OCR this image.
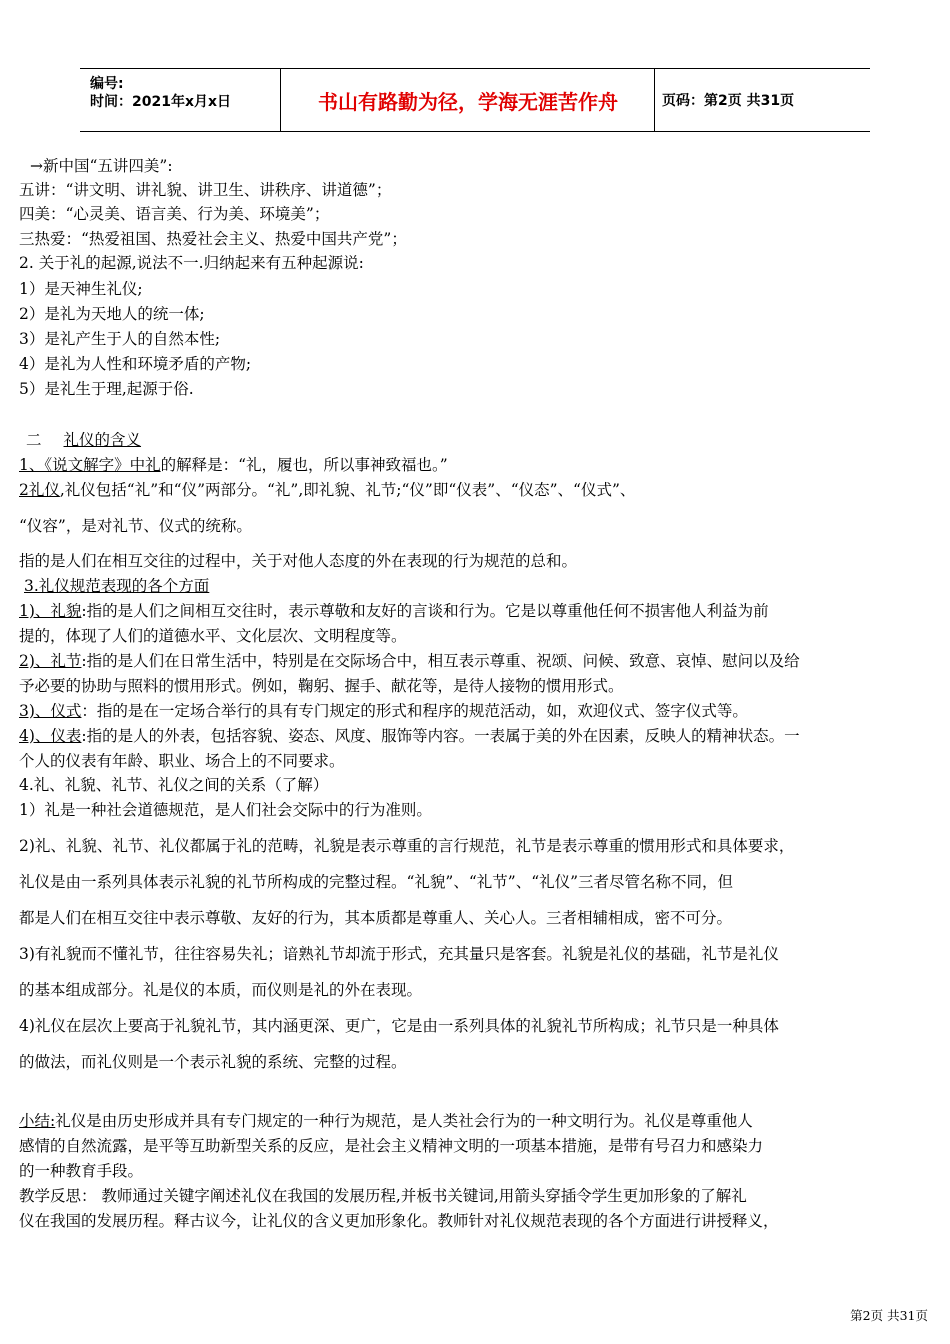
编号:
时间：2021年x月x日	书山有路勤为径，学海无涯苦作舟	页码：第2页 共31页
→新中国“五讲四美”:
五讲：“讲文明、讲礼貌、讲卫生、讲秩序、讲道德”；
四美：“心灵美、语言美、行为美、环境美”；
三热爱：“热爱祖国、热爱社会主义、热爱中国共产党”；
2. 关于礼的起源,说法不一.归纳起来有五种起源说:
1）是天神生礼仪;
2）是礼为天地人的统一体;
3）是礼产生于人的自然本性;
4）是礼为人性和环境矛盾的产物;
5）是礼生于理,起源于俗.
二 礼仪的含义
1、《说文解字》中礼的解释是：“礼，履也，所以事神致福也。”
2礼仪,礼仪包括“礼”和“仪”两部分。“礼”,即礼貌、礼节;“仪”即“仪表”、“仪态”、“仪式”、
“仪容”，是对礼节、仪式的统称。
指的是人们在相互交往的过程中，关于对他人态度的外在表现的行为规范的总和。
3.礼仪规范表现的各个方面
1)、礼貌:指的是人们之间相互交往时，表示尊敬和友好的言谈和行为。它是以尊重他任何不损害他人利益为前
提的，体现了人们的道德水平、文化层次、文明程度等。
2)、礼节:指的是人们在日常生活中，特别是在交际场合中，相互表示尊重、祝颂、问候、致意、哀悼、慰问以及给
予必要的协助与照料的惯用形式。例如，鞠躬、握手、献花等，是待人接物的惯用形式。
3)、仪式：指的是在一定场合举行的具有专门规定的形式和程序的规范活动，如，欢迎仪式、签字仪式等。
4)、仪表:指的是人的外表，包括容貌、姿态、风度、服饰等内容。一表属于美的外在因素，反映人的精神状态。一
个人的仪表有年龄、职业、场合上的不同要求。
4.礼、礼貌、礼节、礼仪之间的关系（了解）
1）礼是一种社会道德规范，是人们社会交际中的行为准则。
2)礼、礼貌、礼节、礼仪都属于礼的范畴，礼貌是表示尊重的言行规范，礼节是表示尊重的惯用形式和具体要求，
礼仪是由一系列具体表示礼貌的礼节所构成的完整过程。“礼貌”、“礼节”、“礼仪”三者尽管名称不同，但
都是人们在相互交往中表示尊敬、友好的行为，其本质都是尊重人、关心人。三者相辅相成，密不可分。
3)有礼貌而不懂礼节，往往容易失礼；谙熟礼节却流于形式，充其量只是客套。礼貌是礼仪的基础，礼节是礼仪
的基本组成部分。礼是仪的本质，而仪则是礼的外在表现。
4)礼仪在层次上要高于礼貌礼节，其内涵更深、更广，它是由一系列具体的礼貌礼节所构成；礼节只是一种具体
的做法，而礼仪则是一个表示礼貌的系统、完整的过程。
小结:礼仪是由历史形成并具有专门规定的一种行为规范，是人类社会行为的一种文明行为。礼仪是尊重他人
感情的自然流露，是平等互助新型关系的反应，是社会主义精神文明的一项基本措施，是带有号召力和感染力
的一种教育手段。
教学反思： 教师通过关键字阐述礼仪在我国的发展历程,并板书关键词,用箭头穿插令学生更加形象的了解礼
仪在我国的发展历程。释古议今，让礼仪的含义更加形象化。教师针对礼仪规范表现的各个方面进行讲授释义，
第2页 共31页
